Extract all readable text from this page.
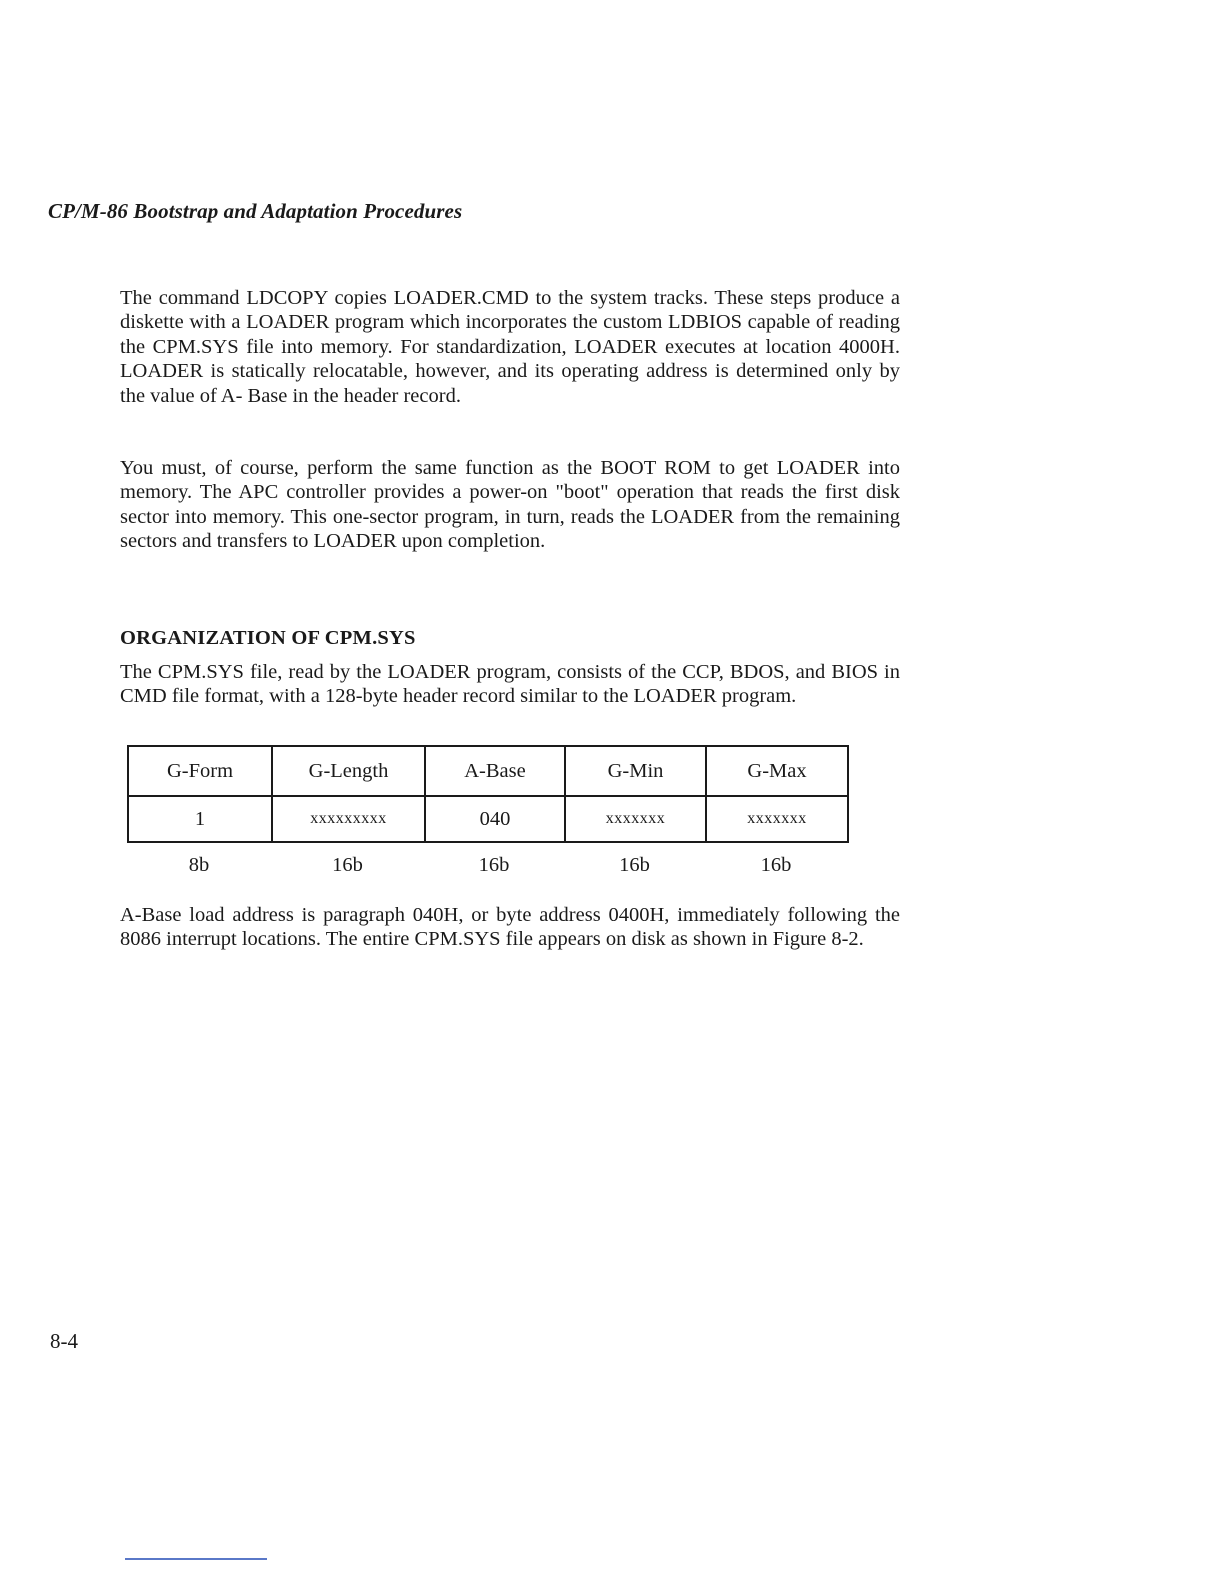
CP/M-86 Bootstrap and Adaptation Procedures

The command LDCOPY copies LOADER.CMD to the system tracks. These steps produce a diskette with a LOADER program which incorporates the custom LDBIOS capable of reading the CPM.SYS file into memory. For standardization, LOADER executes at location 4000H. LOADER is statically relocatable, however, and its operating address is determined only by the value of A- Base in the header record.

You must, of course, perform the same function as the BOOT ROM to get LOADER into memory. The APC controller provides a power-on "boot" operation that reads the first disk sector into memory. This one-sector program, in turn, reads the LOADER from the remaining sectors and transfers to LOADER upon completion.

ORGANIZATION OF CPM.SYS

The CPM.SYS file, read by the LOADER program, consists of the CCP, BDOS, and BIOS in CMD file format, with a 128-byte header record similar to the LOADER program.

G-Form	G-Length	A-Base	G-Min	G-Max
1	xxxxxxxxx	040	xxxxxxx	xxxxxxx
8b	16b	16b	16b	16b

A-Base load address is paragraph 040H, or byte address 0400H, immediately following the 8086 interrupt locations. The entire CPM.SYS file appears on disk as shown in Figure 8-2.

8-4
